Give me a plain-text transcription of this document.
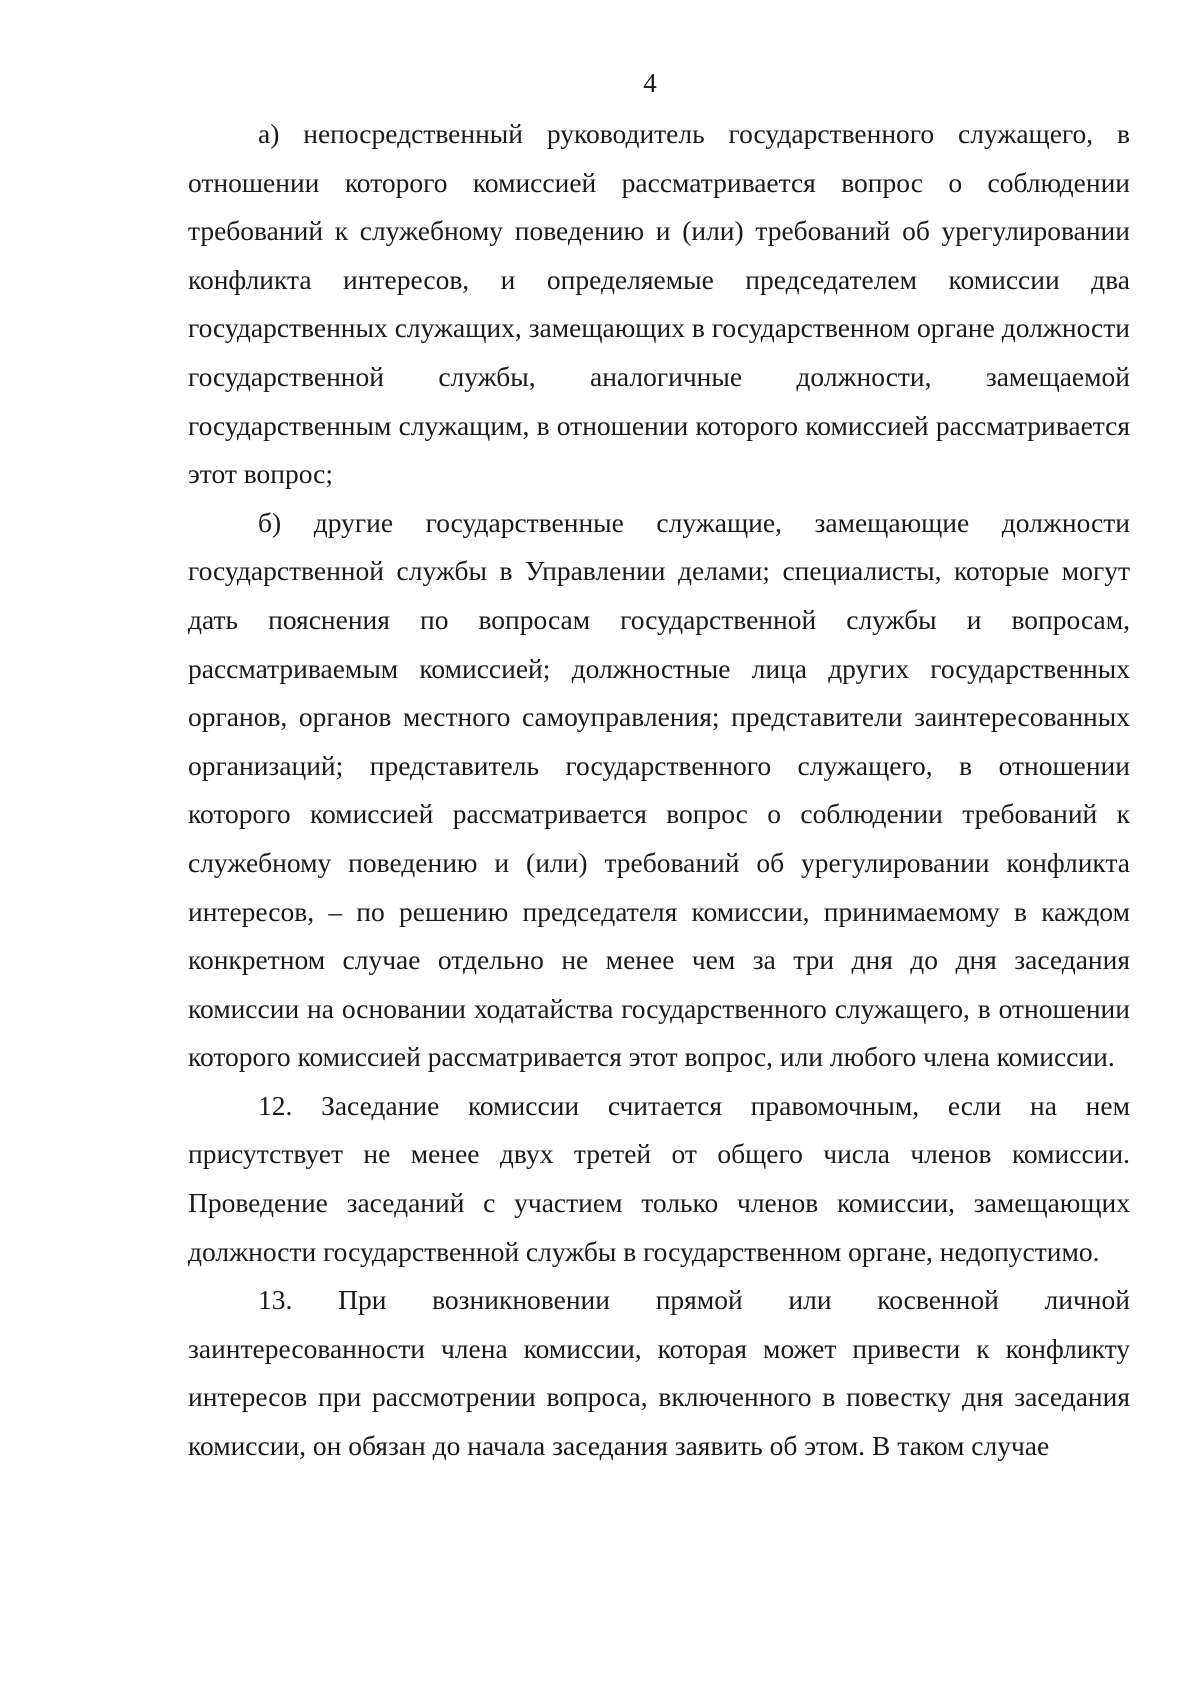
4

а) непосредственный руководитель государственного служащего, в отношении которого комиссией рассматривается вопрос о соблюдении требований к служебному поведению и (или) требований об урегулировании конфликта интересов, и определяемые председателем комиссии два государственных служащих, замещающих в государственном органе должности государственной службы, аналогичные должности, замещаемой государственным служащим, в отношении которого комиссией рассматривается этот вопрос;

б) другие государственные служащие, замещающие должности государственной службы в Управлении делами; специалисты, которые могут дать пояснения по вопросам государственной службы и вопросам, рассматриваемым комиссией; должностные лица других государственных органов, органов местного самоуправления; представители заинтересованных организаций; представитель государственного служащего, в отношении которого комиссией рассматривается вопрос о соблюдении требований к служебному поведению и (или) требований об урегулировании конфликта интересов, – по решению председателя комиссии, принимаемому в каждом конкретном случае отдельно не менее чем за три дня до дня заседания комиссии на основании ходатайства государственного служащего, в отношении которого комиссией рассматривается этот вопрос, или любого члена комиссии.

12. Заседание комиссии считается правомочным, если на нем присутствует не менее двух третей от общего числа членов комиссии. Проведение заседаний с участием только членов комиссии, замещающих должности государственной службы в государственном органе, недопустимо.

13. При возникновении прямой или косвенной личной заинтересованности члена комиссии, которая может привести к конфликту интересов при рассмотрении вопроса, включенного в повестку дня заседания комиссии, он обязан до начала заседания заявить об этом. В таком случае
